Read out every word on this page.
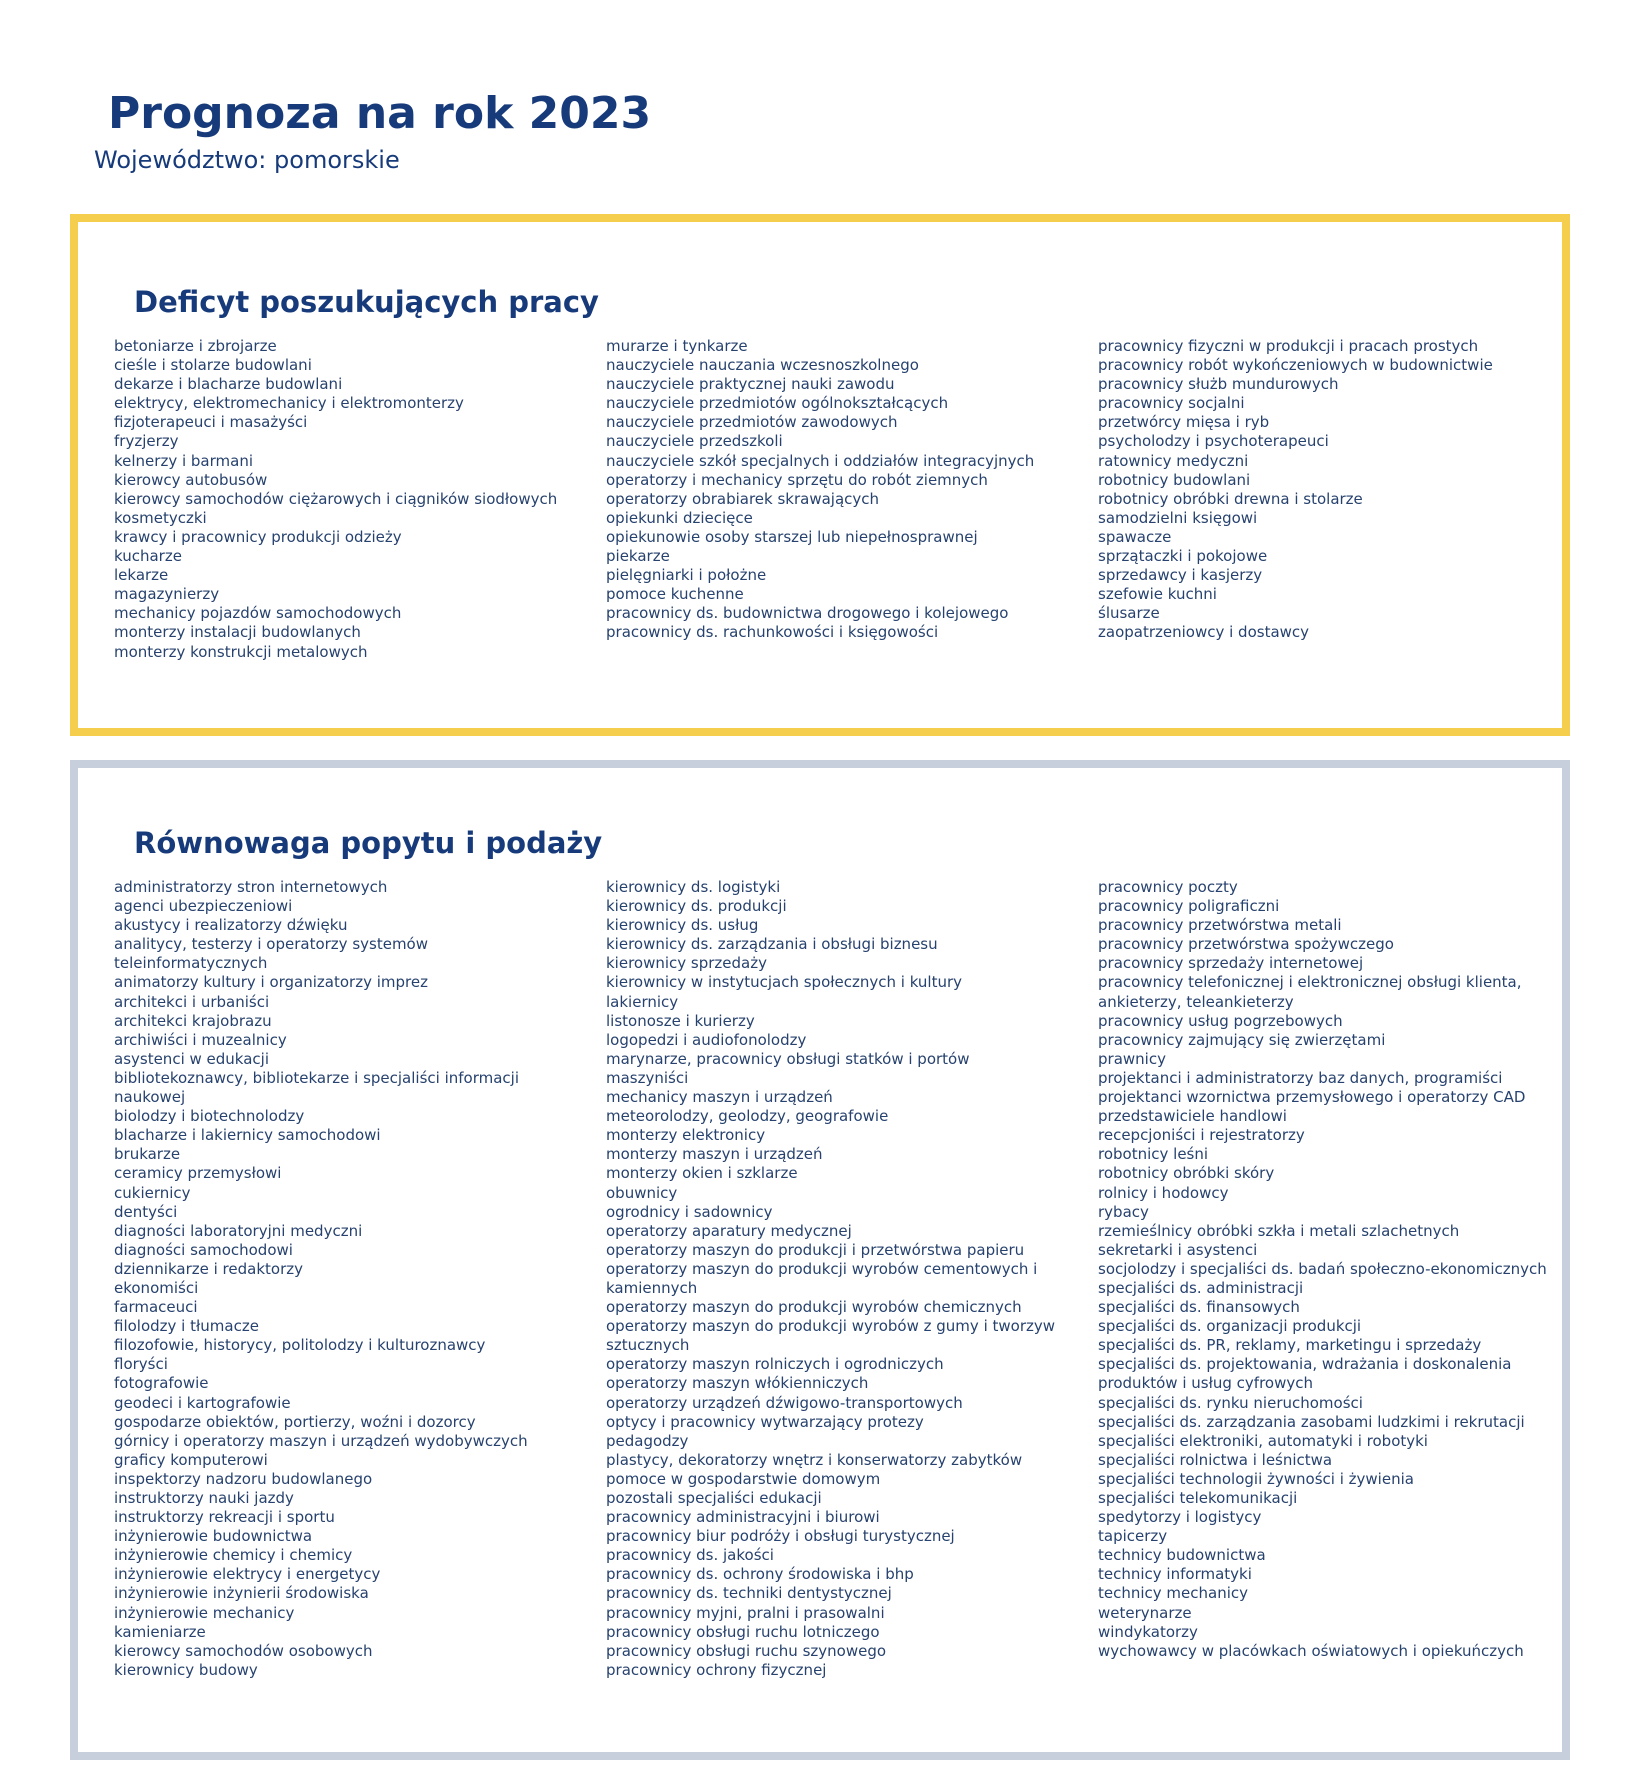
Prognoza na rok 2023

Województwo: pomorskie

Deficyt poszukujących pracy
betoniarze i zbrojarze
cieśle i stolarze budowlani
dekarze i blacharze budowlani
elektrycy, elektromechanicy i elektromonterzy
fizjoterapeuci i masażyści
fryzjerzy
kelnerzy i barmani
kierowcy autobusów
kierowcy samochodów ciężarowych i ciągników siodłowych
kosmetyczki
krawcy i pracownicy produkcji odzieży
kucharze
lekarze
magazynierzy
mechanicy pojazdów samochodowych
monterzy instalacji budowlanych
monterzy konstrukcji metalowych
murarze i tynkarze
nauczyciele nauczania wczesnoszkolnego
nauczyciele praktycznej nauki zawodu
nauczyciele przedmiotów ogólnokształcących
nauczyciele przedmiotów zawodowych
nauczyciele przedszkoli
nauczyciele szkół specjalnych i oddziałów integracyjnych
operatorzy i mechanicy sprzętu do robót ziemnych
operatorzy obrabiarek skrawających
opiekunki dziecięce
opiekunowie osoby starszej lub niepełnosprawnej
piekarze
pielęgniarki i położne
pomoce kuchenne
pracownicy ds. budownictwa drogowego i kolejowego
pracownicy ds. rachunkowości i księgowości
pracownicy fizyczni w produkcji i pracach prostych
pracownicy robót wykończeniowych w budownictwie
pracownicy służb mundurowych
pracownicy socjalni
przetwórcy mięsa i ryb
psycholodzy i psychoterapeuci
ratownicy medyczni
robotnicy budowlani
robotnicy obróbki drewna i stolarze
samodzielni księgowi
spawacze
sprzątaczki i pokojowe
sprzedawcy i kasjerzy
szefowie kuchni
ślusarze
zaopatrzeniowcy i dostawcy
Równowaga popytu i podaży
administratorzy stron internetowych
agenci ubezpieczeniowi
akustycy i realizatorzy dźwięku
analitycy, testerzy i operatorzy systemów
teleinformatycznych
animatorzy kultury i organizatorzy imprez
architekci i urbaniści
architekci krajobrazu
archiwiści i muzealnicy
asystenci w edukacji
bibliotekoznawcy, bibliotekarze i specjaliści informacji
naukowej
biolodzy i biotechnolodzy
blacharze i lakiernicy samochodowi
brukarze
ceramicy przemysłowi
cukiernicy
dentyści
diagności laboratoryjni medyczni
diagności samochodowi
dziennikarze i redaktorzy
ekonomiści
farmaceuci
filolodzy i tłumacze
filozofowie, historycy, politolodzy i kulturoznawcy
floryści
fotografowie
geodeci i kartografowie
gospodarze obiektów, portierzy, woźni i dozorcy
górnicy i operatorzy maszyn i urządzeń wydobywczych
graficy komputerowi
inspektorzy nadzoru budowlanego
instruktorzy nauki jazdy
instruktorzy rekreacji i sportu
inżynierowie budownictwa
inżynierowie chemicy i chemicy
inżynierowie elektrycy i energetycy
inżynierowie inżynierii środowiska
inżynierowie mechanicy
kamieniarze
kierowcy samochodów osobowych
kierownicy budowy
kierownicy ds. logistyki
kierownicy ds. produkcji
kierownicy ds. usług
kierownicy ds. zarządzania i obsługi biznesu
kierownicy sprzedaży
kierownicy w instytucjach społecznych i kultury
lakiernicy
listonosze i kurierzy
logopedzi i audiofonolodzy
marynarze, pracownicy obsługi statków i portów
maszyniści
mechanicy maszyn i urządzeń
meteorolodzy, geolodzy, geografowie
monterzy elektronicy
monterzy maszyn i urządzeń
monterzy okien i szklarze
obuwnicy
ogrodnicy i sadownicy
operatorzy aparatury medycznej
operatorzy maszyn do produkcji i przetwórstwa papieru
operatorzy maszyn do produkcji wyrobów cementowych i
kamiennych
operatorzy maszyn do produkcji wyrobów chemicznych
operatorzy maszyn do produkcji wyrobów z gumy i tworzyw
sztucznych
operatorzy maszyn rolniczych i ogrodniczych
operatorzy maszyn włókienniczych
operatorzy urządzeń dźwigowo-transportowych
optycy i pracownicy wytwarzający protezy
pedagodzy
plastycy, dekoratorzy wnętrz i konserwatorzy zabytków
pomoce w gospodarstwie domowym
pozostali specjaliści edukacji
pracownicy administracyjni i biurowi
pracownicy biur podróży i obsługi turystycznej
pracownicy ds. jakości
pracownicy ds. ochrony środowiska i bhp
pracownicy ds. techniki dentystycznej
pracownicy myjni, pralni i prasowalni
pracownicy obsługi ruchu lotniczego
pracownicy obsługi ruchu szynowego
pracownicy ochrony fizycznej
pracownicy poczty
pracownicy poligraficzni
pracownicy przetwórstwa metali
pracownicy przetwórstwa spożywczego
pracownicy sprzedaży internetowej
pracownicy telefonicznej i elektronicznej obsługi klienta,
ankieterzy, teleankieterzy
pracownicy usług pogrzebowych
pracownicy zajmujący się zwierzętami
prawnicy
projektanci i administratorzy baz danych, programiści
projektanci wzornictwa przemysłowego i operatorzy CAD
przedstawiciele handlowi
recepcjoniści i rejestratorzy
robotnicy leśni
robotnicy obróbki skóry
rolnicy i hodowcy
rybacy
rzemieślnicy obróbki szkła i metali szlachetnych
sekretarki i asystenci
socjolodzy i specjaliści ds. badań społeczno-ekonomicznych
specjaliści ds. administracji
specjaliści ds. finansowych
specjaliści ds. organizacji produkcji
specjaliści ds. PR, reklamy, marketingu i sprzedaży
specjaliści ds. projektowania, wdrażania i doskonalenia
produktów i usług cyfrowych
specjaliści ds. rynku nieruchomości
specjaliści ds. zarządzania zasobami ludzkimi i rekrutacji
specjaliści elektroniki, automatyki i robotyki
specjaliści rolnictwa i leśnictwa
specjaliści technologii żywności i żywienia
specjaliści telekomunikacji
spedytorzy i logistycy
tapicerzy
technicy budownictwa
technicy informatyki
technicy mechanicy
weterynarze
windykatorzy
wychowawcy w placówkach oświatowych i opiekuńczych
